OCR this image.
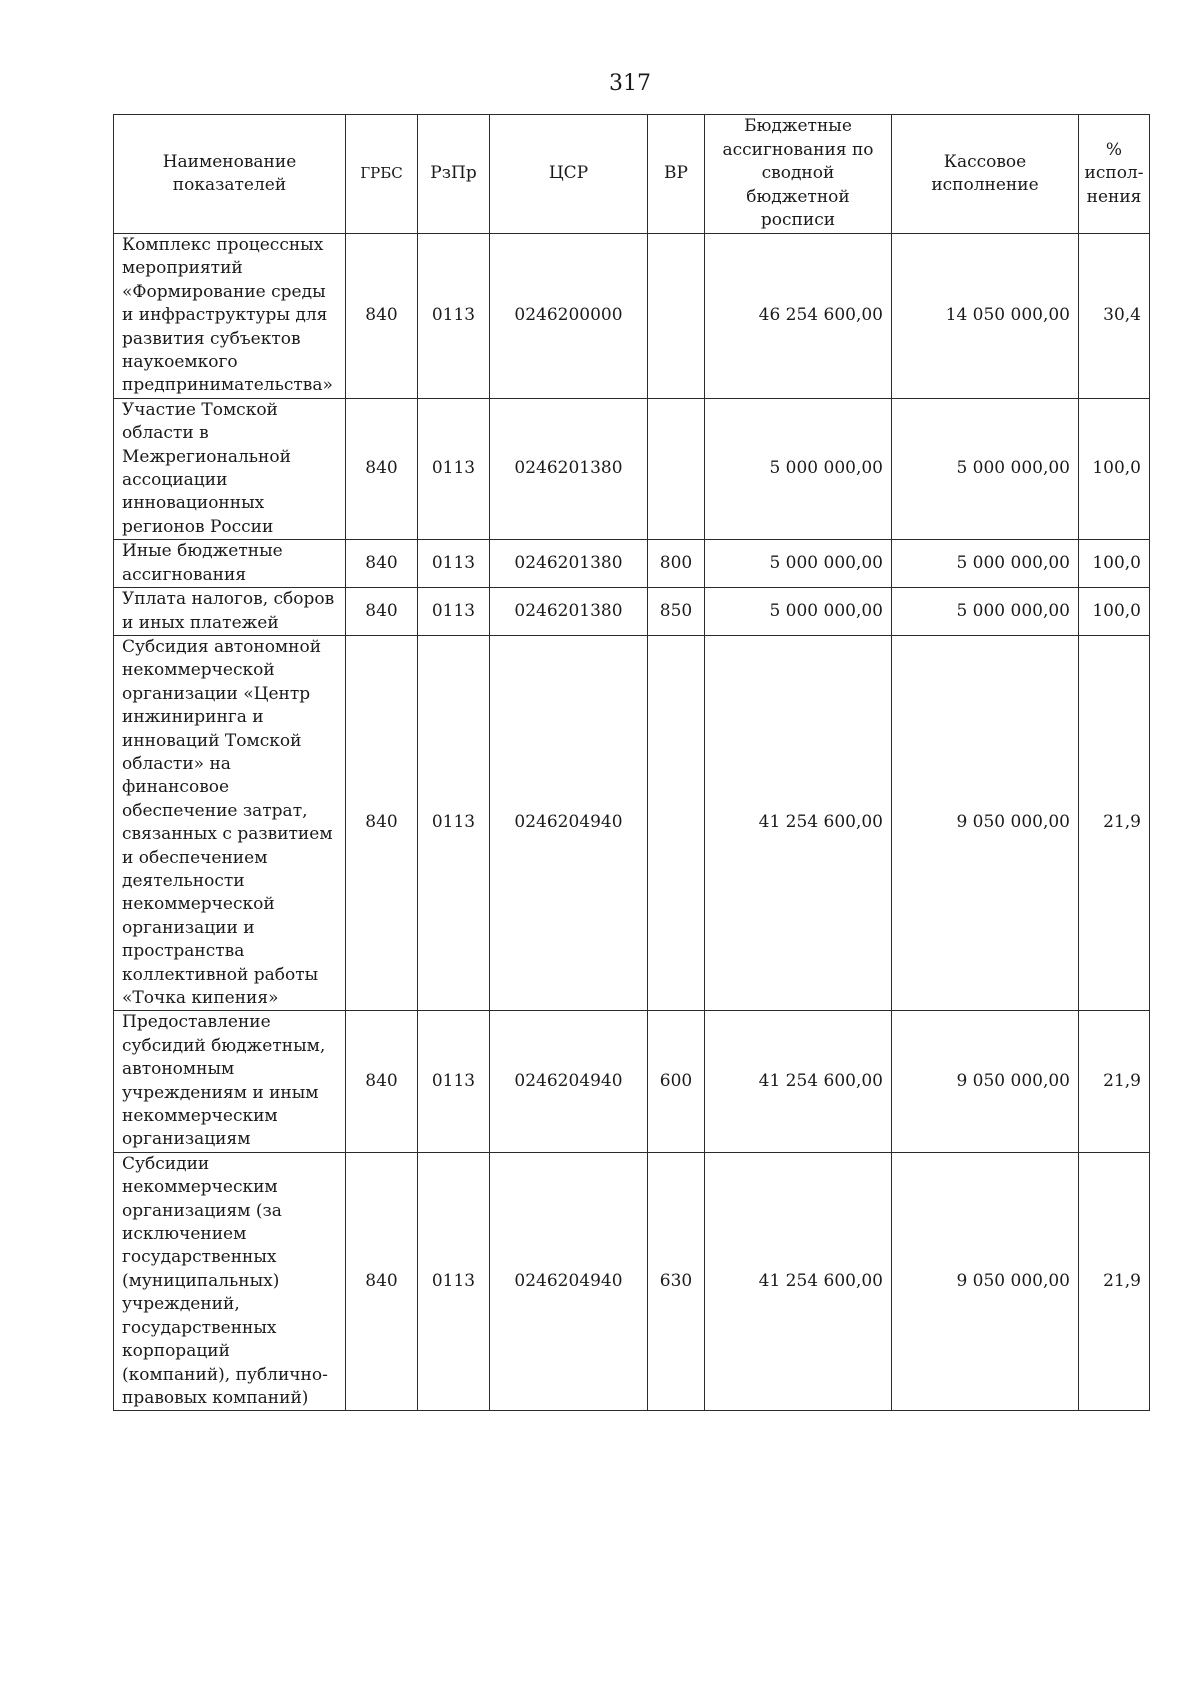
317
Наименование показателей	ГРБС	РзПр	ЦСР	ВР	Бюджетные ассигнования по сводной бюджетной росписи	Кассовое исполнение	% испол-нения
Комплекс процессных мероприятий «Формирование среды и инфраструктуры для развития субъектов наукоемкого предпринимательства»	840	0113	0246200000		46 254 600,00	14 050 000,00	30,4
Участие Томской области в Межрегиональной ассоциации инновационных регионов России	840	0113	0246201380		5 000 000,00	5 000 000,00	100,0
Иные бюджетные ассигнования	840	0113	0246201380	800	5 000 000,00	5 000 000,00	100,0
Уплата налогов, сборов и иных платежей	840	0113	0246201380	850	5 000 000,00	5 000 000,00	100,0
Субсидия автономной некоммерческой организации «Центр инжиниринга и инноваций Томской области» на финансовое обеспечение затрат, связанных с развитием и обеспечением деятельности некоммерческой организации и пространства коллективной работы «Точка кипения»	840	0113	0246204940		41 254 600,00	9 050 000,00	21,9
Предоставление субсидий бюджетным, автономным учреждениям и иным некоммерческим организациям	840	0113	0246204940	600	41 254 600,00	9 050 000,00	21,9
Субсидии некоммерческим организациям (за исключением государственных (муниципальных) учреждений, государственных корпораций (компаний), публично-правовых компаний)	840	0113	0246204940	630	41 254 600,00	9 050 000,00	21,9
